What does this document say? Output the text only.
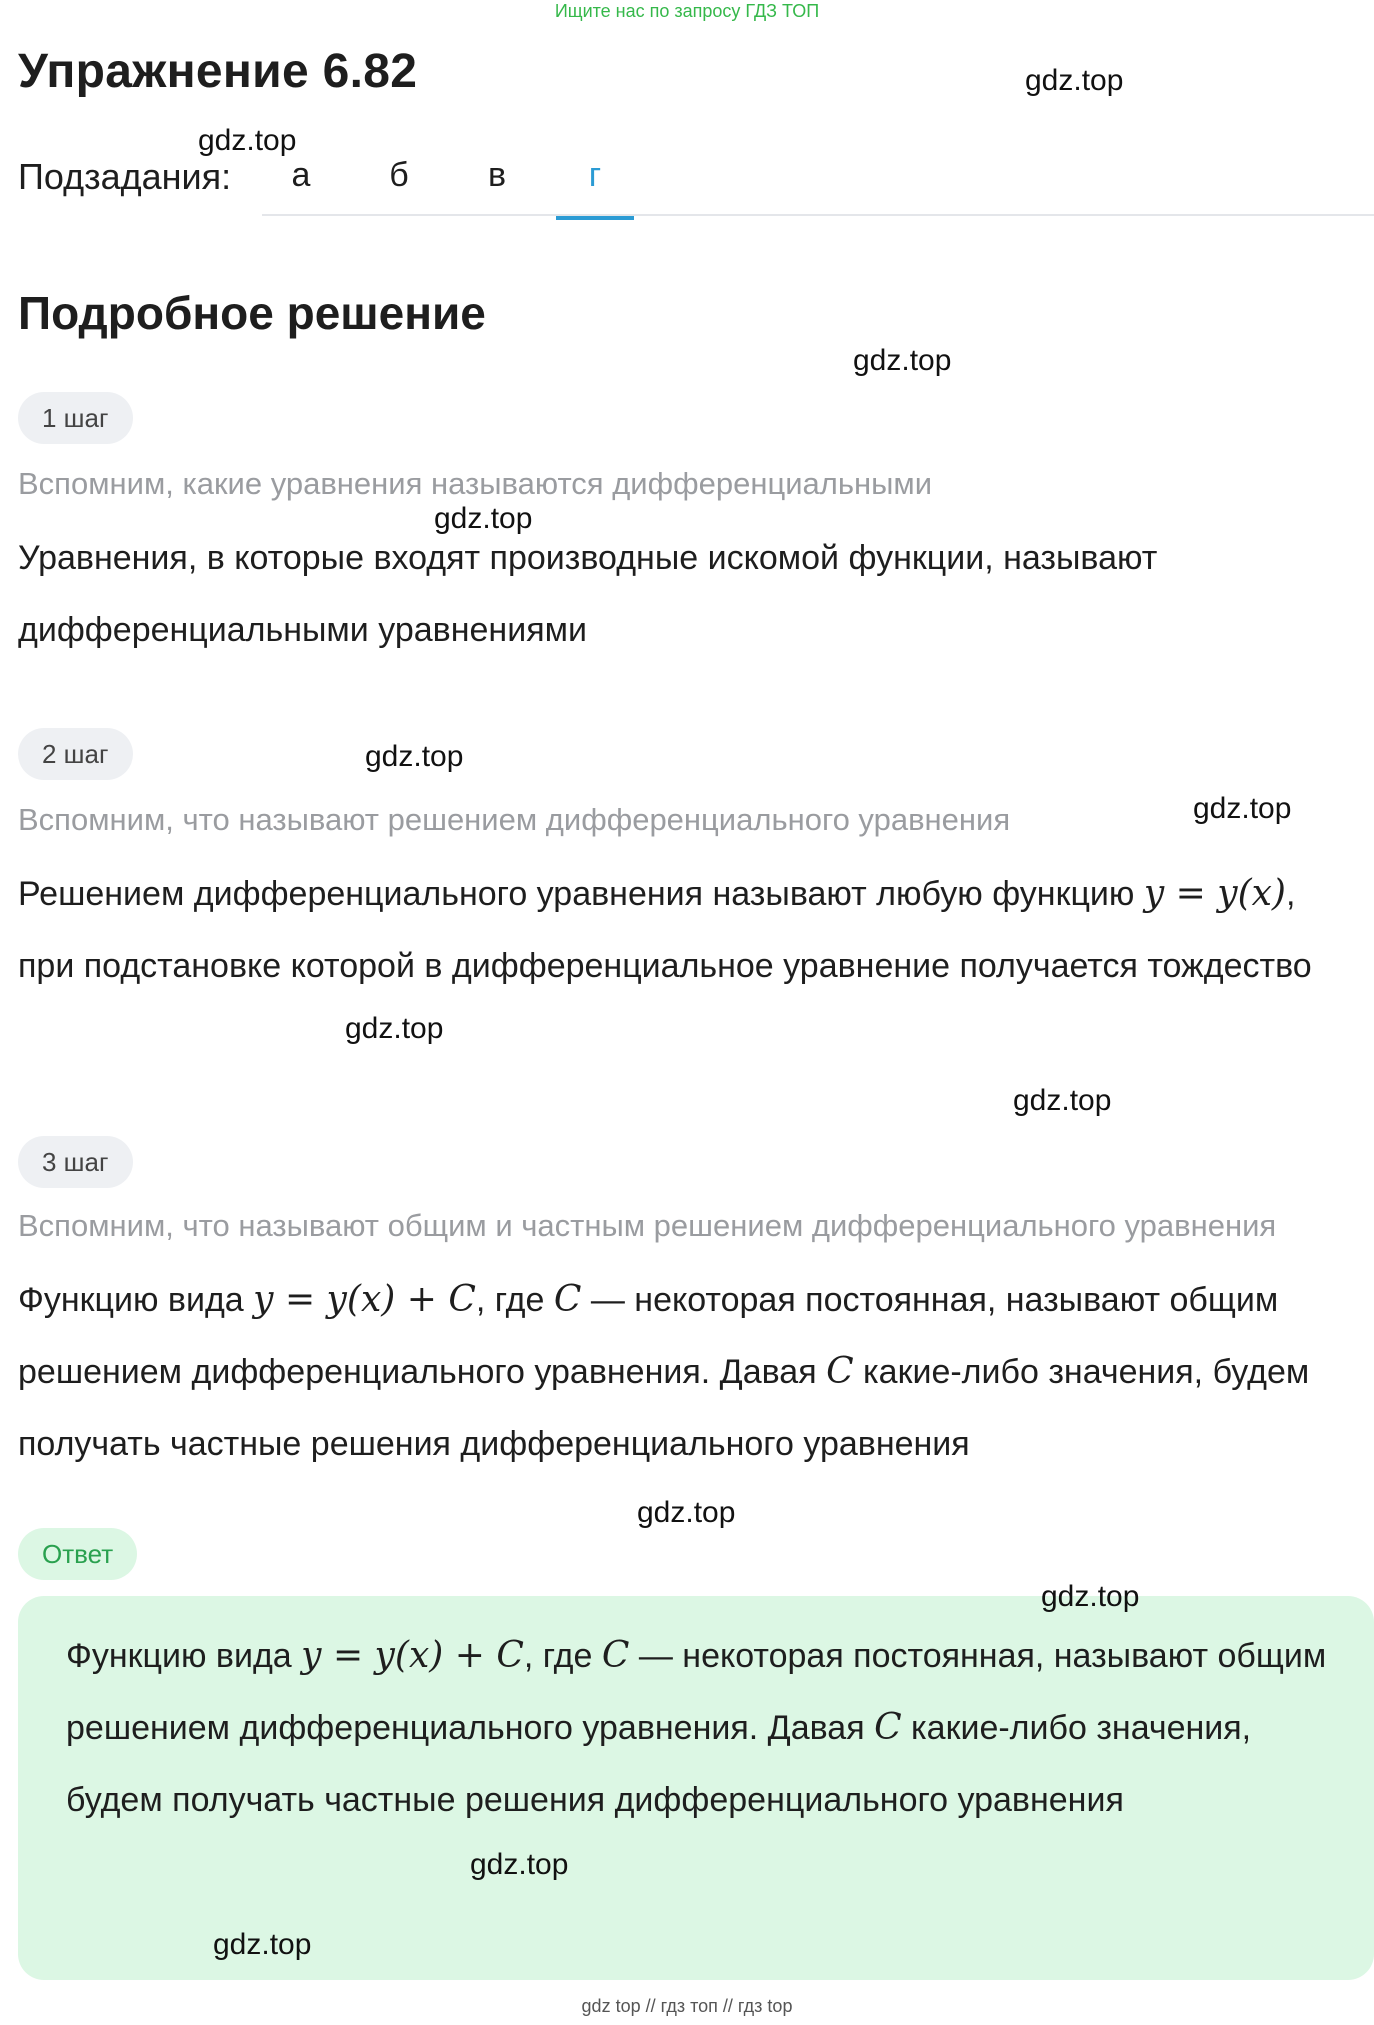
Ищите нас по запросу ГДЗ ТОП
Упражнение 6.82
Подзадания:	а	б	в	г
Подробное решение
1 шаг
Вспомним, какие уравнения называются дифференциальными
Уравнения, в которые входят производные искомой функции, называют дифференциальными уравнениями
2 шаг
Вспомним, что называют решением дифференциального уравнения
Решением дифференциального уравнения называют любую функцию y = y(x), при подстановке которой в дифференциальное уравнение получается тождество
3 шаг
Вспомним, что называют общим и частным решением дифференциального уравнения
Функцию вида y = y(x) + C, где C — некоторая постоянная, называют общим решением дифференциального уравнения. Давая C какие-либо значения, будем получать частные решения дифференциального уравнения
Ответ
Функцию вида y = y(x) + C, где C — некоторая постоянная, называют общим решением дифференциального уравнения. Давая C какие-либо значения, будем получать частные решения дифференциального уравнения
gdz.top
gdz.top
gdz.top
gdz.top
gdz.top
gdz.top
gdz.top
gdz.top
gdz.top
gdz.top
gdz.top
gdz.top
gdz top // гдз топ // гдз top
